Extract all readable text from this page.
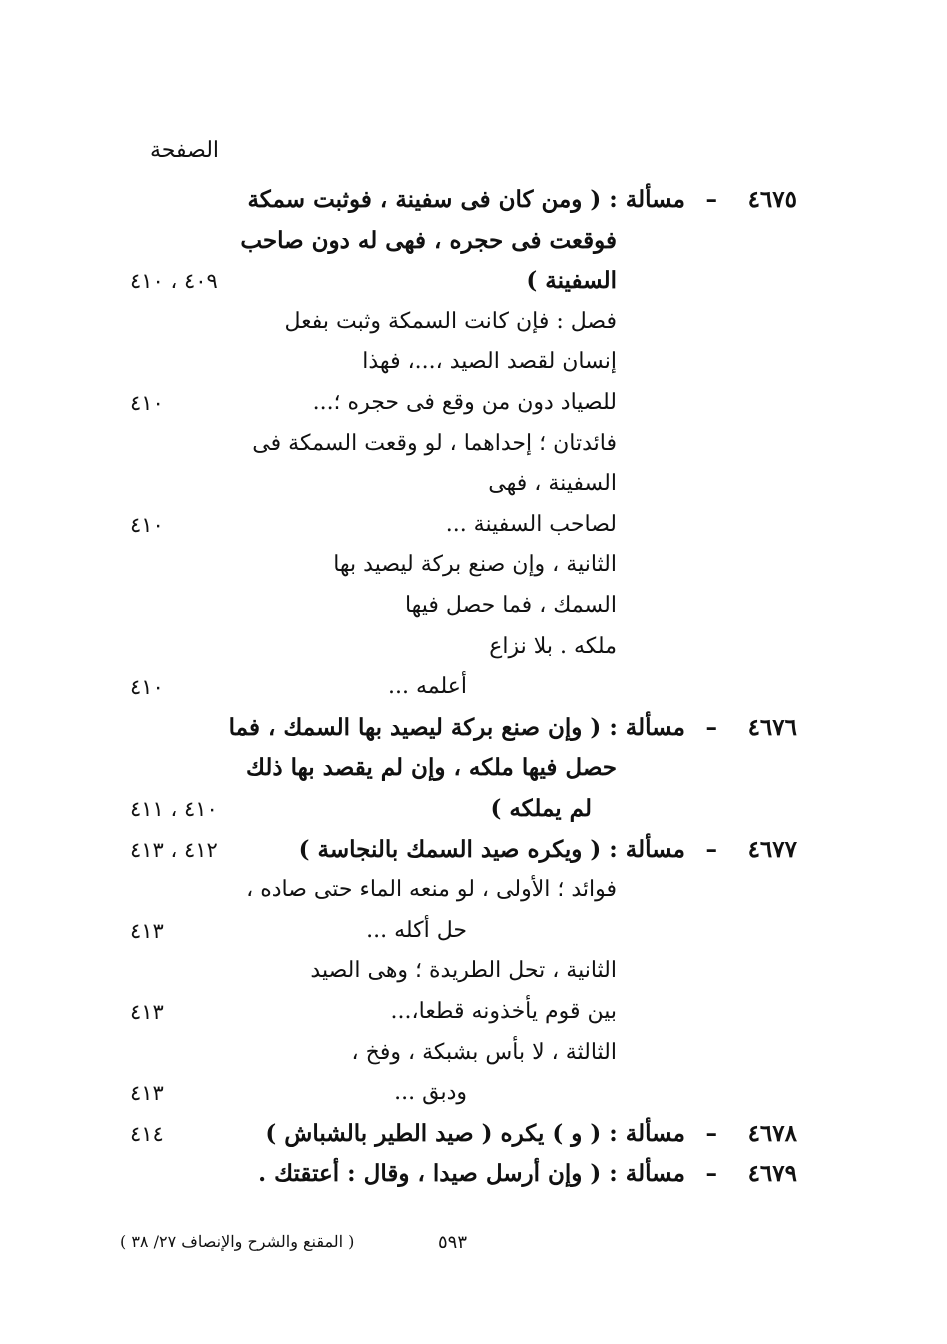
الصفحة
٤٦٧٥
–
مسألة : ( ومن كان فى سفينة ، فوثبت سمكة
فوقعت فى حجره ، فهى له دون صاحب
السفينة )
٤٠٩ ، ٤١٠
فصل : فإن كانت السمكة وثبت بفعل
إنسان لقصد الصيد ،...، فهذا
للصياد دون من وقع فى حجره ؛...
٤١٠
فائدتان ؛ إحداهما ، لو وقعت السمكة فى
السفينة ، فهى
لصاحب السفينة ...
٤١٠
الثانية ، وإن صنع بركة ليصيد بها
السمك ، فما حصل فيها
ملكه . بلا نزاع
أعلمه ...
٤١٠
٤٦٧٦
–
مسألة : ( وإن صنع بركة ليصيد بها السمك ، فما
حصل فيها ملكه ، وإن لم يقصد بها ذلك
لم يملكه )
٤١٠ ، ٤١١
٤٦٧٧
–
مسألة : ( ويكره صيد السمك بالنجاسة )
٤١٢ ، ٤١٣
فوائد ؛ الأولى ، لو منعه الماء حتى صاده ،
حل أكله ...
٤١٣
الثانية ، تحل الطريدة ؛ وهى الصيد
بين قوم يأخذونه قطعا،...
٤١٣
الثالثة ، لا بأس بشبكة ، وفخ ،
ودبق ...
٤١٣
٤٦٧٨
–
مسألة : ( و ) يكره ( صيد الطير بالشباش )
٤١٤
٤٦٧٩
–
مسألة : ( وإن أرسل صيدا ، وقال : أعتقتك .
٥٩٣
( المقنع والشرح والإنصاف ٢٧/ ٣٨ )
